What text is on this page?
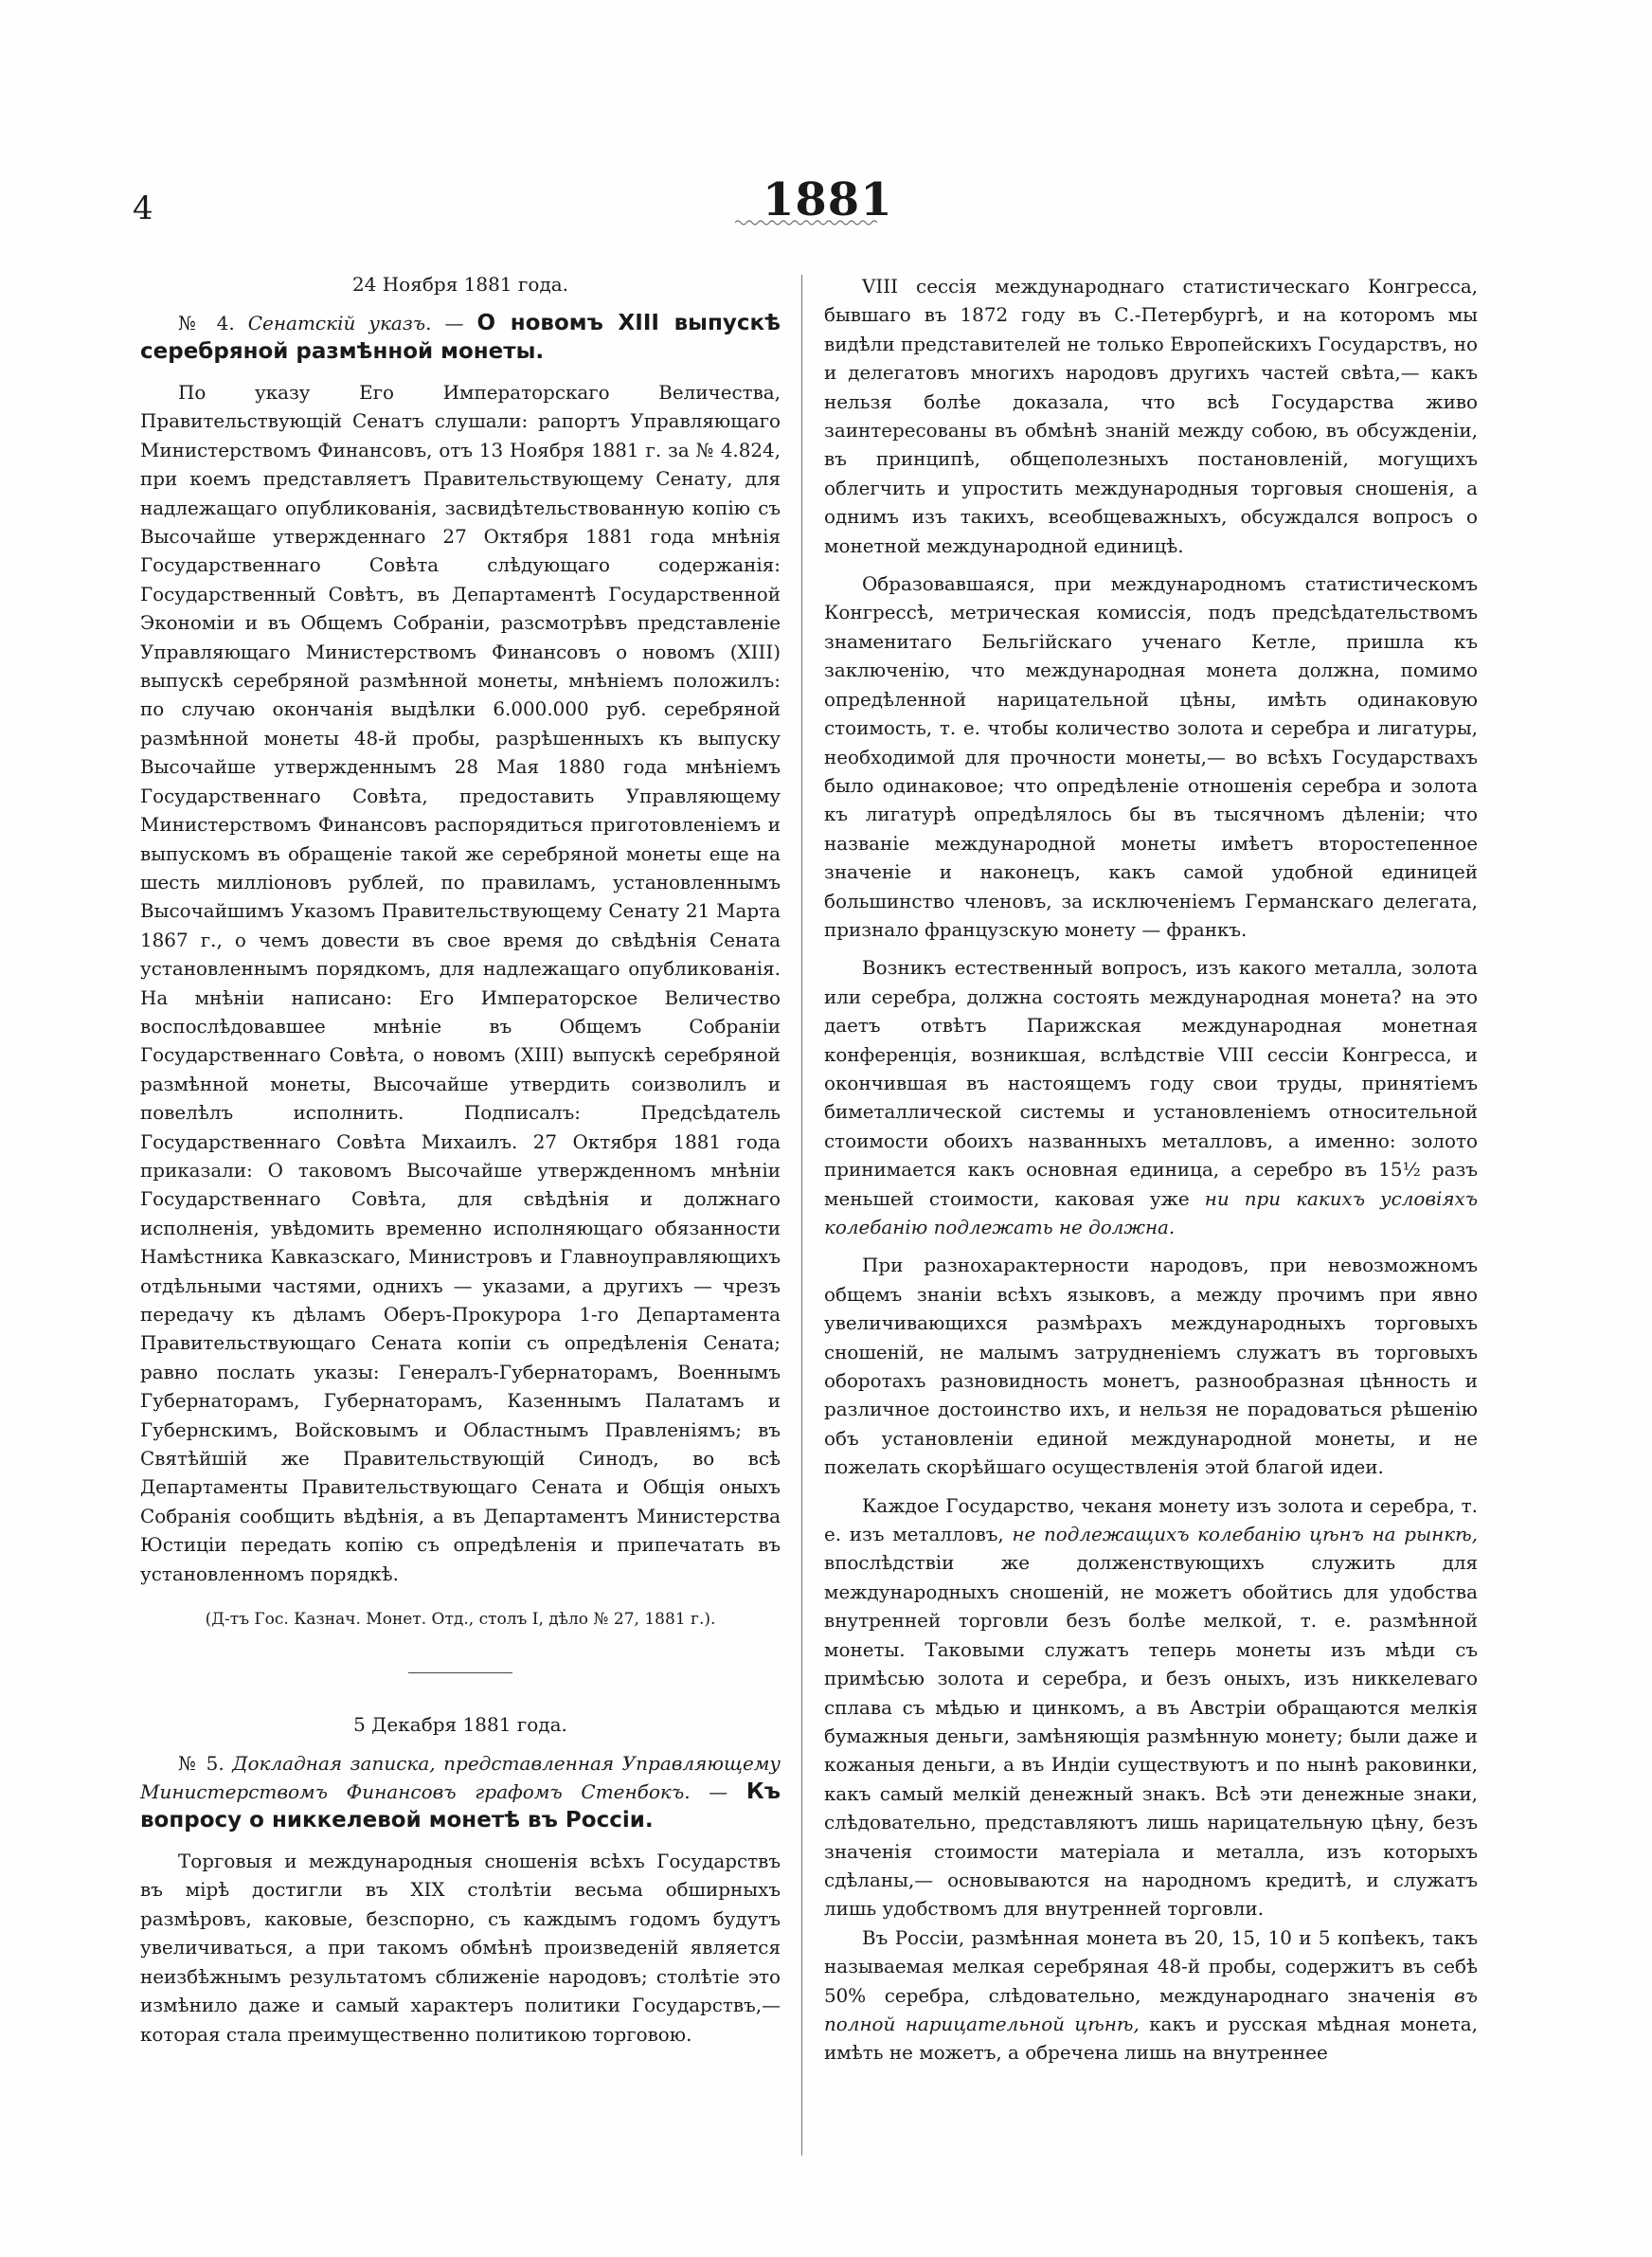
4	1881

24 Ноября 1881 года.

№ 4. Сенатскій указъ. — О новомъ XIII выпускѣ серебряной размѣнной монеты.

По указу Его Императорскаго Величества, Правительствующій Сенатъ слушали: рапортъ Управляющаго Министерствомъ Финансовъ, отъ 13 Ноября 1881 г. за № 4.824, при коемъ представляетъ Правительствующему Сенату, для надлежащаго опубликованія, засвидѣтельствованную копію съ Высочайше утвержденнаго 27 Октября 1881 года мнѣнія Государственнаго Совѣта слѣдующаго содержанія: Государственный Совѣтъ, въ Департаментѣ Государственной Экономіи и въ Общемъ Собраніи, разсмотрѣвъ представленіе Управляющаго Министерствомъ Финансовъ о новомъ (XIII) выпускѣ серебряной размѣнной монеты, мнѣніемъ положилъ: по случаю окончанія выдѣлки 6.000.000 руб. серебряной размѣнной монеты 48-й пробы, разрѣшенныхъ къ выпуску Высочайше утвержденнымъ 28 Мая 1880 года мнѣніемъ Государственнаго Совѣта, предоставить Управляющему Министерствомъ Финансовъ распорядиться приготовленіемъ и выпускомъ въ обращеніе такой же серебряной монеты еще на шесть милліоновъ рублей, по правиламъ, установленнымъ Высочайшимъ Указомъ Правительствующему Сенату 21 Марта 1867 г., о чемъ довести въ свое время до свѣдѣнія Сената установленнымъ порядкомъ, для надлежащаго опубликованія. На мнѣніи написано: Его Императорское Величество воспослѣдовавшее мнѣніе въ Общемъ Собраніи Государственнаго Совѣта, о новомъ (XIII) выпускѣ серебряной размѣнной монеты, Высочайше утвердить соизволилъ и повелѣлъ исполнить. Подписалъ: Предсѣдатель Государственнаго Совѣта Михаилъ. 27 Октября 1881 года приказали: О таковомъ Высочайше утвержденномъ мнѣніи Государственнаго Совѣта, для свѣдѣнія и должнаго исполненія, увѣдомить временно исполняющаго обязанности Намѣстника Кавказскаго, Министровъ и Главноуправляющихъ отдѣльными частями, однихъ — указами, а другихъ — чрезъ передачу къ дѣламъ Оберъ-Прокурора 1-го Департамента Правительствующаго Сената копіи съ опредѣленія Сената; равно послать указы: Генералъ-Губернаторамъ, Военнымъ Губернаторамъ, Губернаторамъ, Казеннымъ Палатамъ и Губернскимъ, Войсковымъ и Областнымъ Правленіямъ; въ Святѣйшій же Правительствующій Синодъ, во всѣ Департаменты Правительствующаго Сената и Общія оныхъ Собранія сообщить вѣдѣнія, а въ Департаментъ Министерства Юстиціи передать копію съ опредѣленія и припечатать въ установленномъ порядкѣ.

(Д-тъ Гос. Казнач. Монет. Отд., столъ I, дѣло № 27, 1881 г.).

5 Декабря 1881 года.

№ 5. Докладная записка, представленная Управляющему Министерствомъ Финансовъ графомъ Стенбокъ. — Къ вопросу о никкелевой монетѣ въ Россіи.

Торговыя и международныя сношенія всѣхъ Государствъ въ мірѣ достигли въ XIX столѣтіи весьма обширныхъ размѣровъ, каковые, безспорно, съ каждымъ годомъ будутъ увеличиваться, а при такомъ обмѣнѣ произведеній является неизбѣжнымъ результатомъ сближеніе народовъ; столѣтіе это измѣнило даже и самый характеръ политики Государствъ,— которая стала преимущественно политикою торговою.

VIII сессія международнаго статистическаго Конгресса, бывшаго въ 1872 году въ С.-Петербургѣ, и на которомъ мы видѣли представителей не только Европейскихъ Государствъ, но и делегатовъ многихъ народовъ другихъ частей свѣта,— какъ нельзя болѣе доказала, что всѣ Государства живо заинтересованы въ обмѣнѣ знаній между собою, въ обсужденіи, въ принципѣ, общеполезныхъ постановленій, могущихъ облегчить и упростить международныя торговыя сношенія, а однимъ изъ такихъ, всеобщеважныхъ, обсуждался вопросъ о монетной международной единицѣ.

Образовавшаяся, при международномъ статистическомъ Конгрессѣ, метрическая комиссія, подъ предсѣдательствомъ знаменитаго Бельгійскаго ученаго Кетле, пришла къ заключенію, что международная монета должна, помимо опредѣленной нарицательной цѣны, имѣть одинаковую стоимость, т. е. чтобы количество золота и серебра и лигатуры, необходимой для прочности монеты,— во всѣхъ Государствахъ было одинаковое; что опредѣленіе отношенія серебра и золота къ лигатурѣ опредѣлялось бы въ тысячномъ дѣленіи; что названіе международной монеты имѣетъ второстепенное значеніе и наконецъ, какъ самой удобной единицей большинство членовъ, за исключеніемъ Германскаго делегата, признало французскую монету — франкъ.

Возникъ естественный вопросъ, изъ какого металла, золота или серебра, должна состоять международная монета? на это даетъ отвѣтъ Парижская международная монетная конференція, возникшая, вслѣдствіе VIII сессіи Конгресса, и окончившая въ настоящемъ году свои труды, принятіемъ биметаллической системы и установленіемъ относительной стоимости обоихъ названныхъ металловъ, а именно: золото принимается какъ основная единица, а серебро въ 15½ разъ меньшей стоимости, каковая уже ни при какихъ условіяхъ колебанію подлежать не должна.

При разнохарактерности народовъ, при невозможномъ общемъ знаніи всѣхъ языковъ, а между прочимъ при явно увеличивающихся размѣрахъ международныхъ торговыхъ сношеній, не малымъ затрудненіемъ служатъ въ торговыхъ оборотахъ разновидность монетъ, разнообразная цѣнность и различное достоинство ихъ, и нельзя не порадоваться рѣшенію объ установленіи единой международной монеты, и не пожелать скорѣйшаго осуществленія этой благой идеи.

Каждое Государство, чеканя монету изъ золота и серебра, т. е. изъ металловъ, не подлежащихъ колебанію цѣнъ на рынкѣ, впослѣдствіи же долженствующихъ служить для международныхъ сношеній, не можетъ обойтись для удобства внутренней торговли безъ болѣе мелкой, т. е. размѣнной монеты. Таковыми служатъ теперь монеты изъ мѣди съ примѣсью золота и серебра, и безъ оныхъ, изъ никкелеваго сплава съ мѣдью и цинкомъ, а въ Австріи обращаются мелкія бумажныя деньги, замѣняющія размѣнную монету; были даже и кожаныя деньги, а въ Индіи существуютъ и по нынѣ раковинки, какъ самый мелкій денежный знакъ. Всѣ эти денежные знаки, слѣдовательно, представляютъ лишь нарицательную цѣну, безъ значенія стоимости матеріала и металла, изъ которыхъ сдѣланы,— основываются на народномъ кредитѣ, и служатъ лишь удобствомъ для внутренней торговли.

Въ Россіи, размѣнная монета въ 20, 15, 10 и 5 копѣекъ, такъ называемая мелкая серебряная 48-й пробы, содержитъ въ себѣ 50% серебра, слѣдовательно, международнаго значенія въ полной нарицательной цѣнѣ, какъ и русская мѣдная монета, имѣть не можетъ, а обречена лишь на внутреннее
